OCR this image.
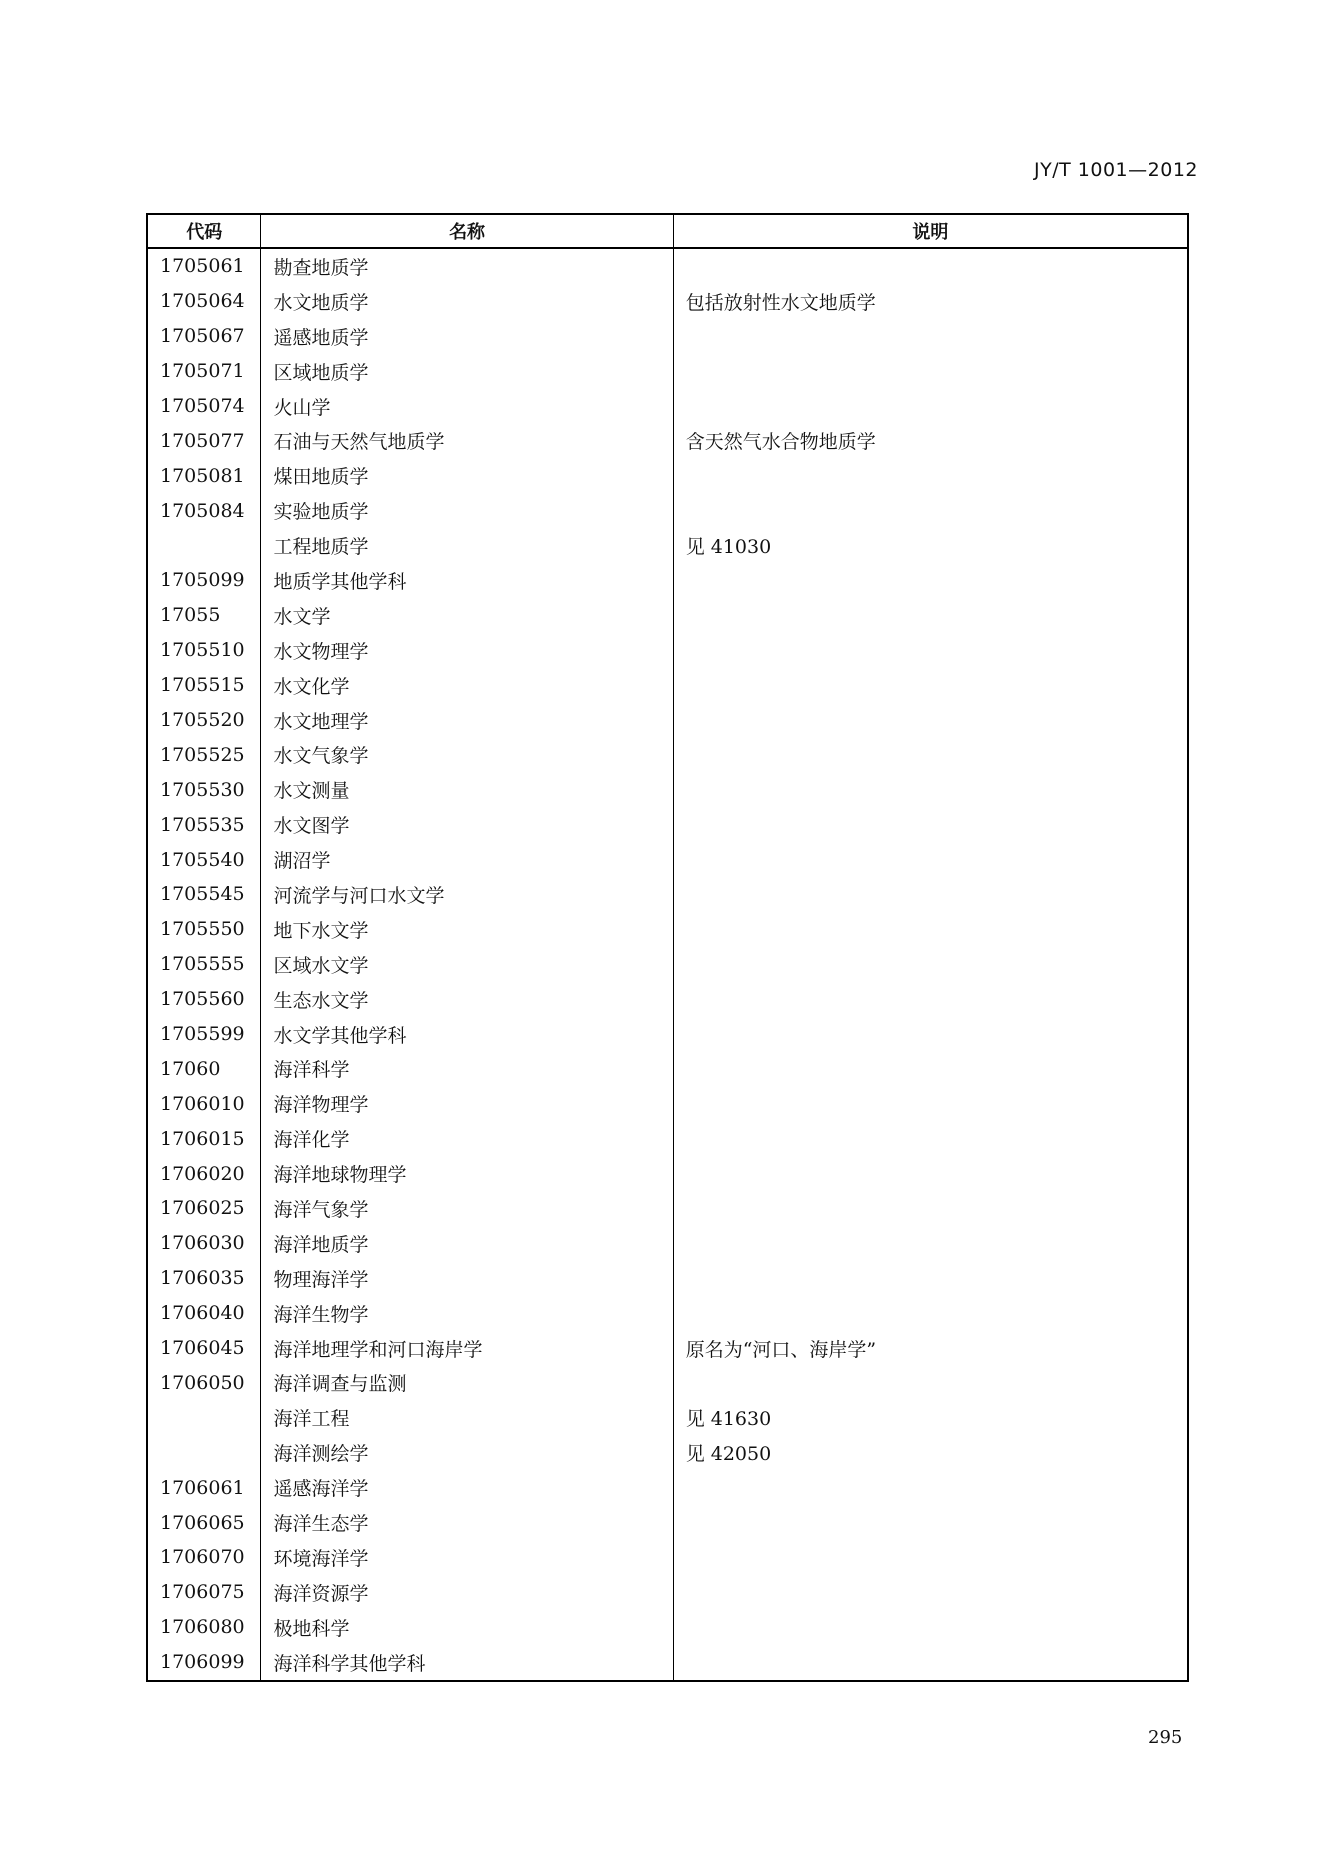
JY/T 1001—2012
代码	名称	说明
1705061	勘查地质学	
1705064	水文地质学	包括放射性水文地质学
1705067	遥感地质学	
1705071	区域地质学	
1705074	火山学	
1705077	石油与天然气地质学	含天然气水合物地质学
1705081	煤田地质学	
1705084	实验地质学	
	工程地质学	见 41030
1705099	地质学其他学科	
17055	水文学	
1705510	水文物理学	
1705515	水文化学	
1705520	水文地理学	
1705525	水文气象学	
1705530	水文测量	
1705535	水文图学	
1705540	湖沼学	
1705545	河流学与河口水文学	
1705550	地下水文学	
1705555	区域水文学	
1705560	生态水文学	
1705599	水文学其他学科	
17060	海洋科学	
1706010	海洋物理学	
1706015	海洋化学	
1706020	海洋地球物理学	
1706025	海洋气象学	
1706030	海洋地质学	
1706035	物理海洋学	
1706040	海洋生物学	
1706045	海洋地理学和河口海岸学	原名为“河口、海岸学”
1706050	海洋调查与监测	
	海洋工程	见 41630
	海洋测绘学	见 42050
1706061	遥感海洋学	
1706065	海洋生态学	
1706070	环境海洋学	
1706075	海洋资源学	
1706080	极地科学	
1706099	海洋科学其他学科	
295
